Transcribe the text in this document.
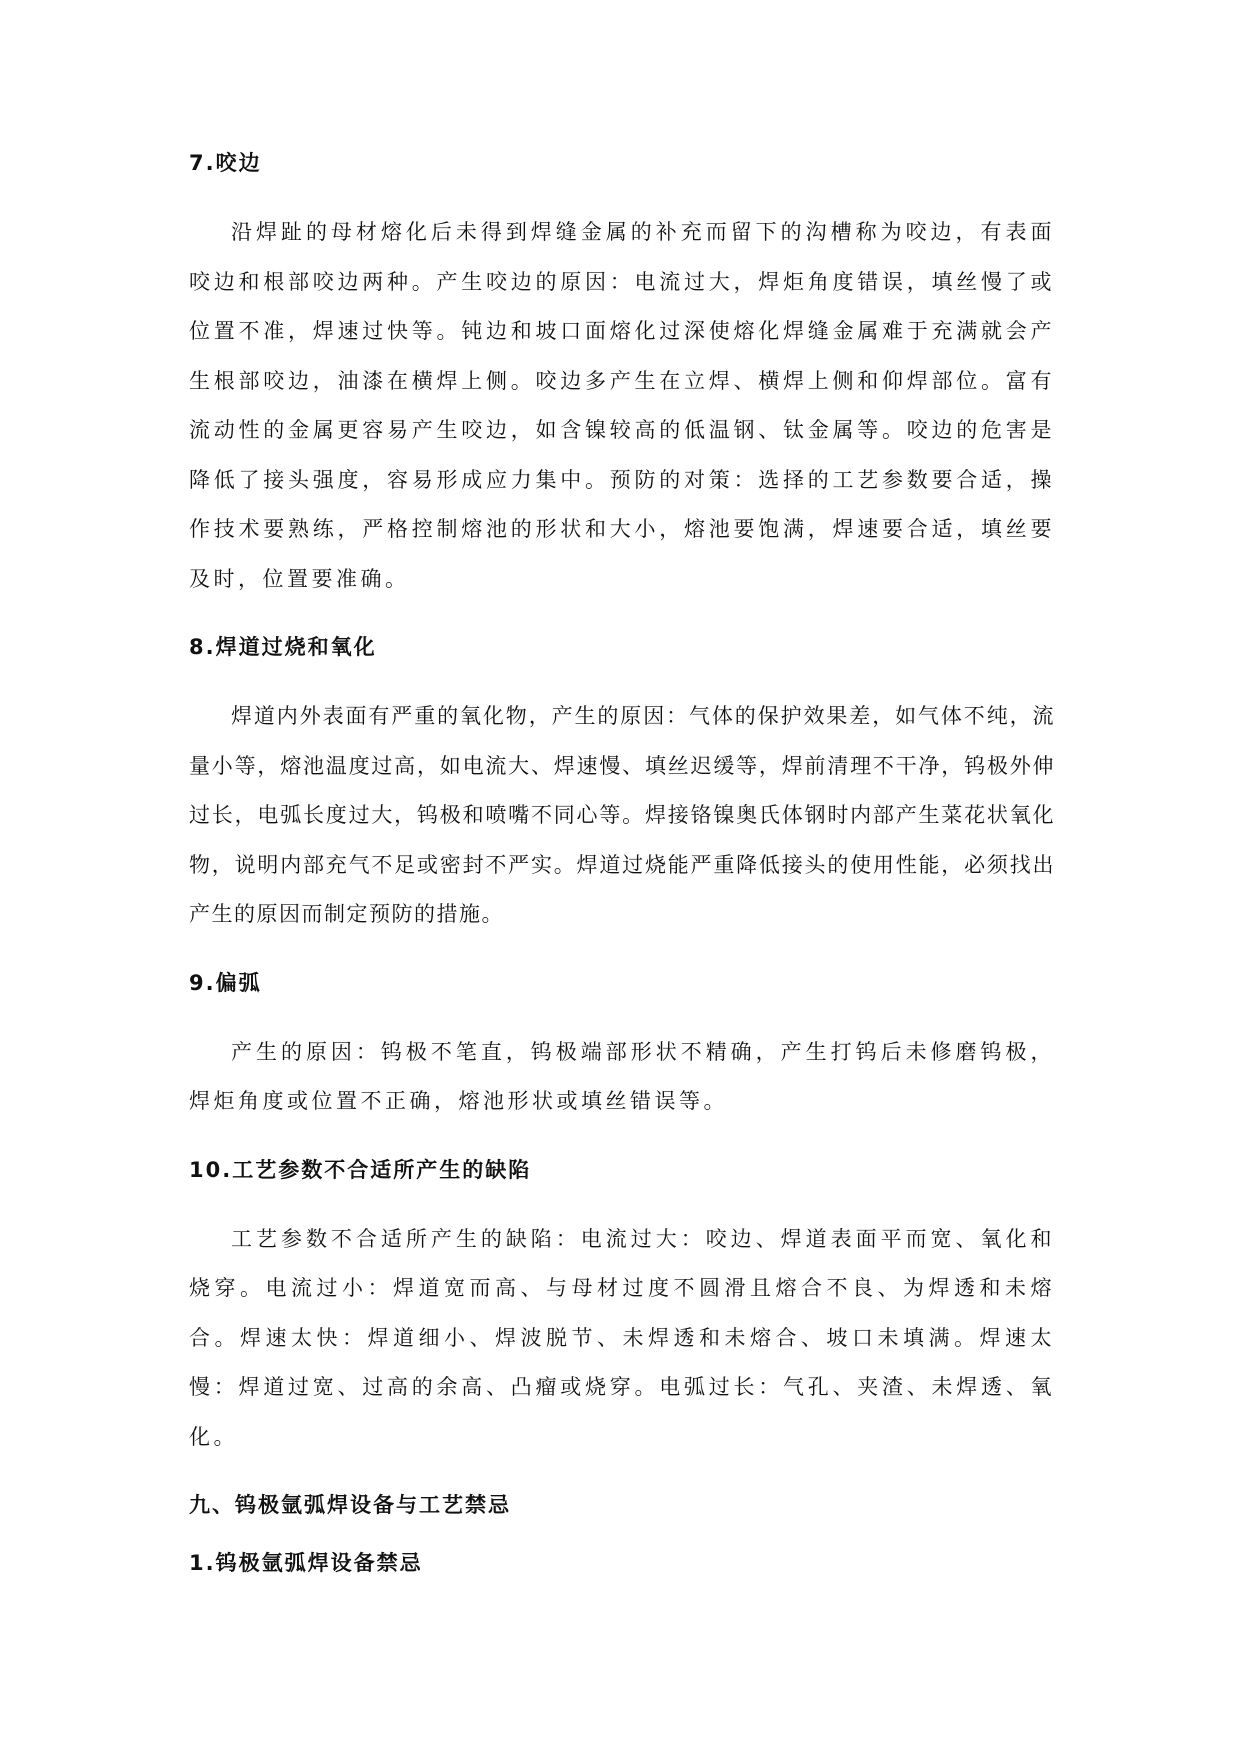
7.咬边

沿焊趾的母材熔化后未得到焊缝金属的补充而留下的沟槽称为咬边，有表面咬边和根部咬边两种。产生咬边的原因：电流过大，焊炬角度错误，填丝慢了或位置不准，焊速过快等。钝边和坡口面熔化过深使熔化焊缝金属难于充满就会产生根部咬边，油漆在横焊上侧。咬边多产生在立焊、横焊上侧和仰焊部位。富有流动性的金属更容易产生咬边，如含镍较高的低温钢、钛金属等。咬边的危害是降低了接头强度，容易形成应力集中。预防的对策：选择的工艺参数要合适，操作技术要熟练，严格控制熔池的形状和大小，熔池要饱满，焊速要合适，填丝要及时，位置要准确。

8.焊道过烧和氧化

焊道内外表面有严重的氧化物，产生的原因：气体的保护效果差，如气体不纯，流量小等，熔池温度过高，如电流大、焊速慢、填丝迟缓等，焊前清理不干净，钨极外伸过长，电弧长度过大，钨极和喷嘴不同心等。焊接铬镍奥氏体钢时内部产生菜花状氧化物，说明内部充气不足或密封不严实。焊道过烧能严重降低接头的使用性能，必须找出产生的原因而制定预防的措施。

9.偏弧

产生的原因：钨极不笔直，钨极端部形状不精确，产生打钨后未修磨钨极，焊炬角度或位置不正确，熔池形状或填丝错误等。

10.工艺参数不合适所产生的缺陷

工艺参数不合适所产生的缺陷：电流过大：咬边、焊道表面平而宽、氧化和烧穿。电流过小：焊道宽而高、与母材过度不圆滑且熔合不良、为焊透和未熔合。焊速太快：焊道细小、焊波脱节、未焊透和未熔合、坡口未填满。焊速太慢：焊道过宽、过高的余高、凸瘤或烧穿。电弧过长：气孔、夹渣、未焊透、氧化。

九、钨极氩弧焊设备与工艺禁忌
1.钨极氩弧焊设备禁忌
